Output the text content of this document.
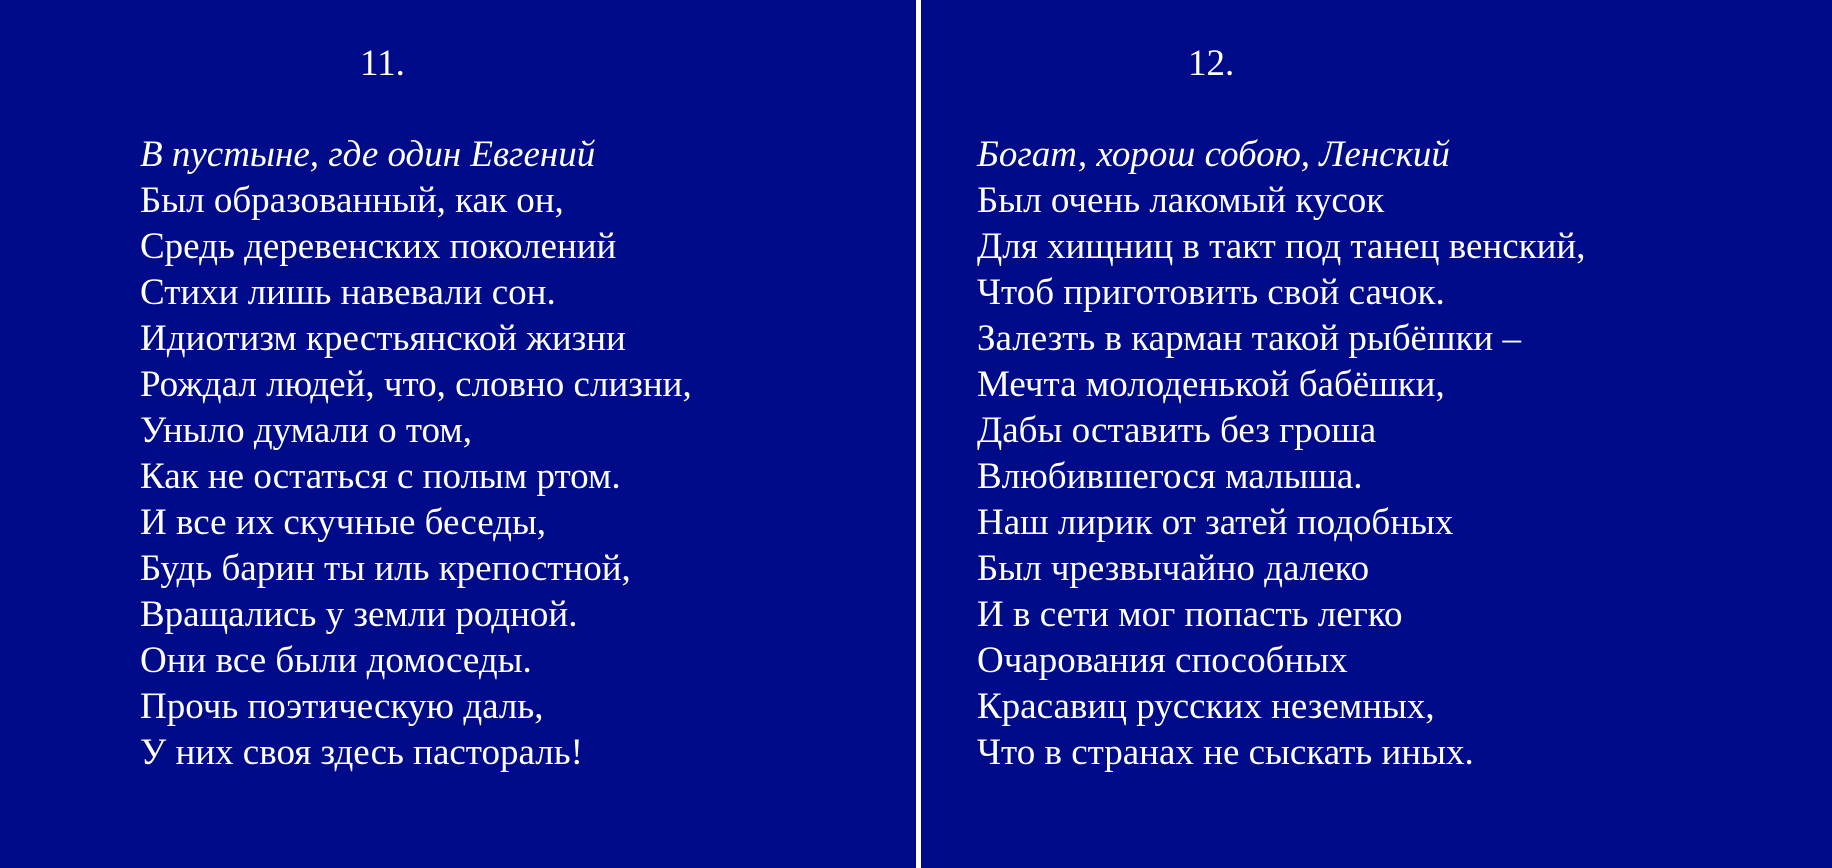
11.
В пустыне, где один Евгений
Был образованный, как он,
Средь деревенских поколений
Стихи лишь навевали сон.
Идиотизм крестьянской жизни
Рождал людей, что, словно слизни,
Уныло думали о том,
Как не остаться с полым ртом.
И все их скучные беседы,
Будь барин ты иль крепостной,
Вращались у земли родной.
Они все были домоседы.
Прочь поэтическую даль,
У них своя здесь пастораль!
12.
Богат, хорош собою, Ленский
Был очень лакомый кусок
Для хищниц в такт под танец венский,
Чтоб приготовить свой сачок.
Залезть в карман такой рыбёшки –
Мечта молоденькой бабёшки,
Дабы оставить без гроша
Влюбившегося малыша.
Наш лирик от затей подобных
Был чрезвычайно далеко
И в сети мог попасть легко
Очарования способных
Красавиц русских неземных,
Что в странах не сыскать иных.
